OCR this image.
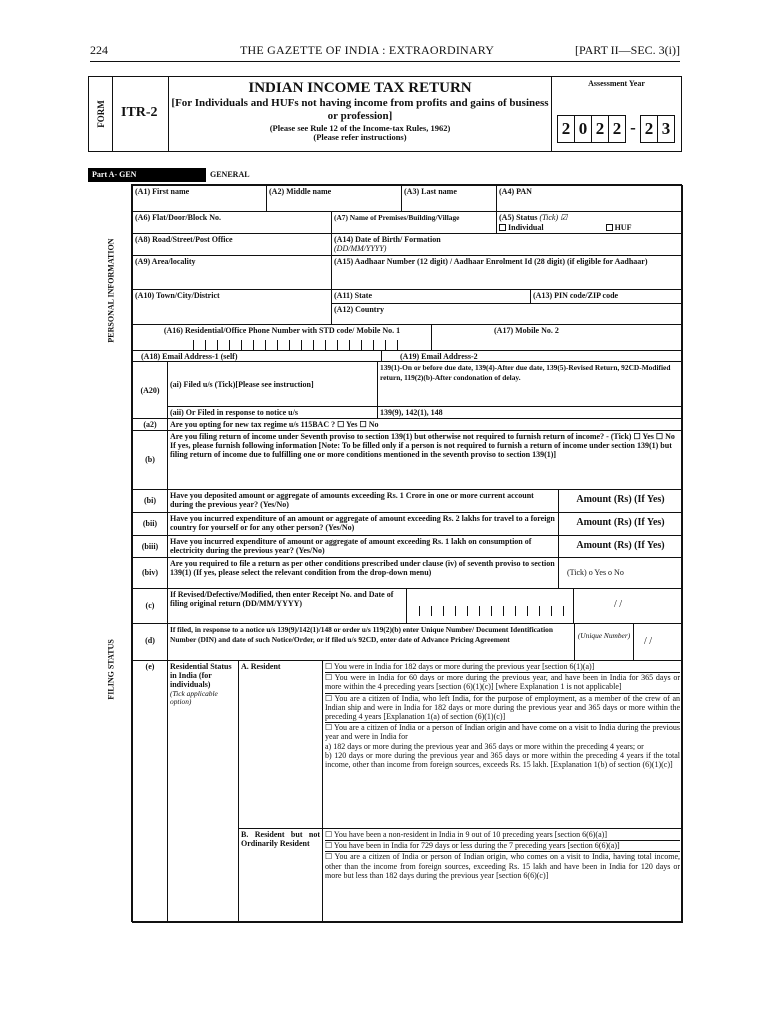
224	THE GAZETTE OF INDIA : EXTRAORDINARY	[PART II—SEC. 3(i)]
FORM	ITR-2
INDIAN INCOME TAX RETURN
[For Individuals and HUFs not having income from profits and gains of business or profession]
(Please see Rule 12 of the Income-tax Rules, 1962)
(Please refer instructions)
Assessment Year
2 0 2 2 - 2 3
Part A- GEN	GENERAL
PERSONAL INFORMATION
FILING STATUS
(A1) First name	(A2) Middle name	(A3) Last name	(A4) PAN
(A6) Flat/Door/Block No.	(A7) Name of Premises/Building/Village	(A5) Status (Tick) ☑
Individual	HUF
(A8) Road/Street/Post Office	(A14) Date of Birth/ Formation
(DD/MM/YYYY)
(A9) Area/locality	(A15) Aadhaar Number (12 digit) / Aadhaar Enrolment Id (28 digit) (if eligible for Aadhaar)
(A10) Town/City/District	(A11) State	(A13) PIN code/ZIP code
(A12) Country
(A16) Residential/Office Phone Number with STD code/ Mobile No. 1	(A17) Mobile No. 2
(A18) Email Address-1 (self)	(A19) Email Address-2
(A20)
(ai) Filed u/s (Tick)[Please see instruction]
139(1)-On or before due date, 139(4)-After due date, 139(5)-Revised Return, 92CD-Modified return, 119(2)(b)-After condonation of delay.
(aii) Or Filed in response to notice u/s	139(9), 142(1), 148
(a2)	Are you opting for new tax regime u/s 115BAC ? ☐ Yes ☐ No
(b)
Are you filing return of income under Seventh proviso to section 139(1) but otherwise not required to furnish return of income? - (Tick) ☐ Yes ☐ No
If yes, please furnish following information [Note: To be filled only if a person is not required to furnish a return of income under section 139(1) but filing return of income due to fulfilling one or more conditions mentioned in the seventh proviso to section 139(1)]
(bi)
Have you deposited amount or aggregate of amounts exceeding Rs. 1 Crore in one or more current account during the previous year? (Yes/No)	Amount (Rs) (If Yes)
(bii)
Have you incurred expenditure of an amount or aggregate of amount exceeding Rs. 2 lakhs for travel to a foreign country for yourself or for any other person? (Yes/No)	Amount (Rs) (If Yes)
(biii)
Have you incurred expenditure of amount or aggregate of amount exceeding Rs. 1 lakh on consumption of electricity during the previous year? (Yes/No)	Amount (Rs) (If Yes)
(biv)
Are you required to file a return as per other conditions prescribed under clause (iv) of seventh proviso to section 139(1) (If yes, please select the relevant condition from the drop-down menu)	(Tick) o Yes o No
(c)
If Revised/Defective/Modified, then enter Receipt No. and Date of filing original return (DD/MM/YYYY)	/ /
(d)
If filed, in response to a notice u/s 139(9)/142(1)/148 or order u/s 119(2)(b) enter Unique Number/ Document Identification Number (DIN) and date of such Notice/Order, or if filed u/s 92CD, enter date of Advance Pricing Agreement	(Unique Number)
/ /
(e)	Residential Status in India (for individuals)
(Tick applicable option)
A. Resident	☐ You were in India for 182 days or more during the previous year [section 6(1)(a)]
☐ You were in India for 60 days or more during the previous year, and have been in India for 365 days or more within the 4 preceding years [section (6)(1)(c)] [where Explanation 1 is not applicable]
☐ You are a citizen of India, who left India, for the purpose of employment, as a member of the crew of an Indian ship and were in India for 182 days or more during the previous year and 365 days or more within the preceding 4 years [Explanation 1(a) of section (6)(1)(c)]
☐ You are a citizen of India or a person of Indian origin and have come on a visit to India during the previous year and were in India for
a) 182 days or more during the previous year and 365 days or more within the preceding 4 years; or
b) 120 days or more during the previous year and 365 days or more within the preceding 4 years if the total income, other than income from foreign sources, exceeds Rs. 15 lakh. [Explanation 1(b) of section (6)(1)(c)]
B. Resident but not Ordinarily Resident
☐ You have been a non-resident in India in 9 out of 10 preceding years [section 6(6)(a)]
☐ You have been in India for 729 days or less during the 7 preceding years [section 6(6)(a)]
☐ You are a citizen of India or person of Indian origin, who comes on a visit to India, having total income, other than the income from foreign sources, exceeding Rs. 15 lakh and have been in India for 120 days or more but less than 182 days during the previous year [section 6(6)(c)]
